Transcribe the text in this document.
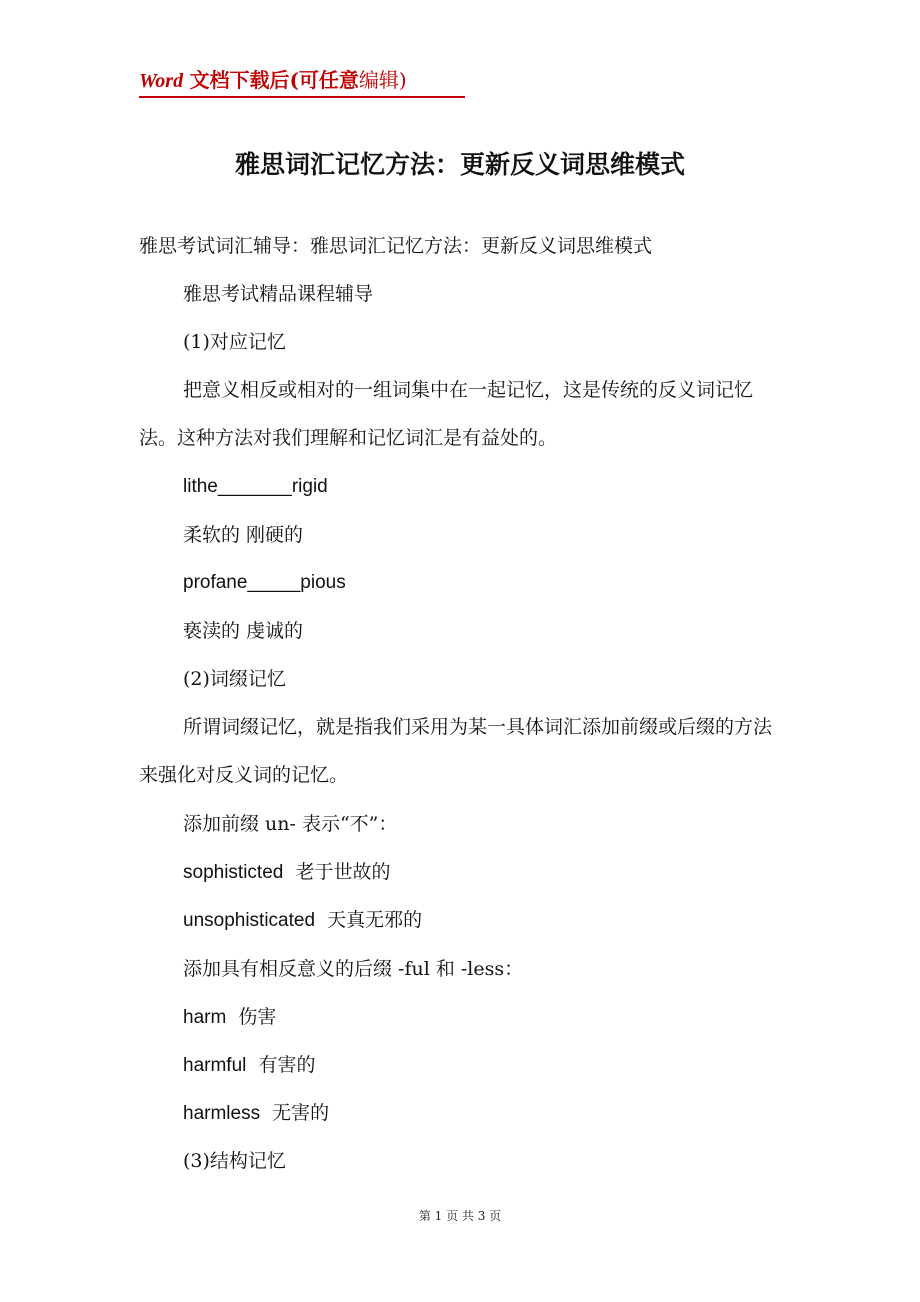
Word 文档下载后(可任意编辑)
雅思词汇记忆方法：更新反义词思维模式
雅思考试词汇辅导：雅思词汇记忆方法：更新反义词思维模式
雅思考试精品课程辅导
(1)对应记忆
把意义相反或相对的一组词集中在一起记忆，这是传统的反义词记忆法。这种方法对我们理解和记忆词汇是有益处的。
lithe_______rigid
柔软的 刚硬的
profane_____pious
亵渎的 虔诚的
(2)词缀记忆
所谓词缀记忆，就是指我们采用为某一具体词汇添加前缀或后缀的方法来强化对反义词的记忆。
添加前缀 un- 表示“不”：
sophisticted 老于世故的
unsophisticated 天真无邪的
添加具有相反意义的后缀 -ful 和 -less：
harm 伤害
harmful 有害的
harmless 无害的
(3)结构记忆
第 1 页 共 3 页
